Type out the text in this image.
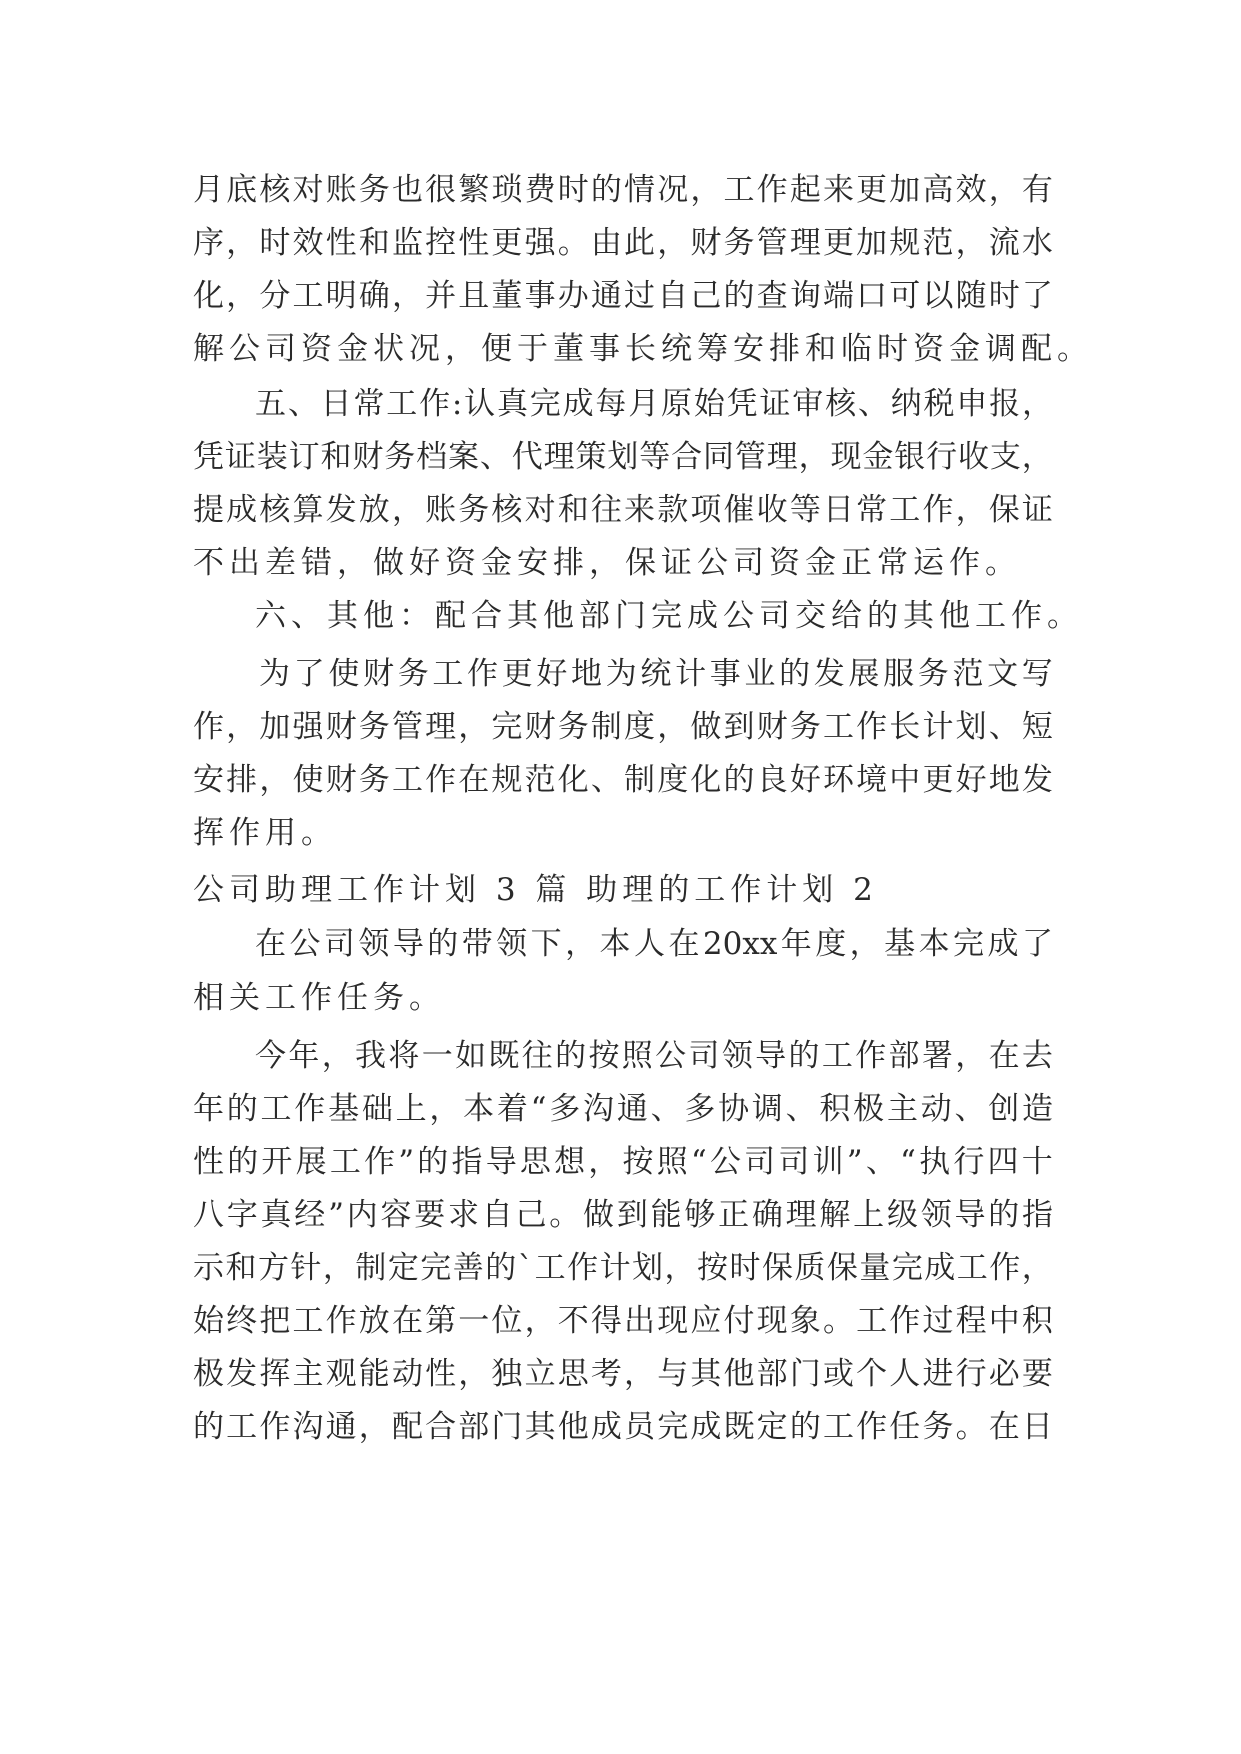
月 底 核 对 账 务 也 很 繁 琐 费 时 的 情 况 ， 工 作 起 来 更 加 高 效 ， 有
序 ， 时 效 性 和 监 控 性 更 强 。 由 此 ， 财 务 管 理 更 加 规 范 ， 流 水
化 ， 分 工 明 确 ， 并 且 董 事 办 通 过 自 己 的 查 询 端 口 可 以 随 时 了
解公司资金状况，便于董事长统筹安排和临时资金调配。
五 、 日 常 工 作 : 认 真 完 成 每 月 原 始 凭 证 审 核 、 纳 税 申 报 ，
凭 证 装 订 和 财 务 档 案 、 代 理 策 划 等 合 同 管 理 ， 现 金 银 行 收 支 ，
提 成 核 算 发 放 ， 账 务 核 对 和 往 来 款 项 催 收 等 日 常 工 作 ， 保 证
不出差错，做好资金安排，保证公司资金正常运作。
六、其他：配合其他部门完成公司交给的其他工作。
为 了 使 财 务 工 作 更 好 地 为 统 计 事 业 的 发 展 服 务 范 文 写
作 ， 加 强 财 务 管 理 ， 完 财 务 制 度 ， 做 到 财 务 工 作 长 计 划 、 短
安 排 ， 使 财 务 工 作 在 规 范 化 、 制 度 化 的 良 好 环 境 中 更 好 地 发
挥作用。
公司助理工作计划 3 篇 助理的工作计划 2
在 公 司 领 导 的 带 领 下 ， 本 人 在 20xx 年 度 ， 基 本 完 成 了
相关工作任务。
今 年 ， 我 将 一 如 既 往 的 按 照 公 司 领 导 的 工 作 部 署 ， 在 去
年 的 工 作 基 础 上 ， 本 着 “ 多 沟 通 、 多 协 调 、 积 极 主 动 、 创 造
性 的 开 展 工 作 ” 的 指 导 思 想 ， 按 照 “ 公 司 司 训 ” 、 “ 执 行 四 十
八 字 真 经 ” 内 容 要 求 自 己 。 做 到 能 够 正 确 理 解 上 级 领 导 的 指
示 和 方 针 ， 制 定 完 善 的 ` 工 作 计 划 ， 按 时 保 质 保 量 完 成 工 作 ，
始 终 把 工 作 放 在 第 一 位 ， 不 得 出 现 应 付 现 象 。 工 作 过 程 中 积
极 发 挥 主 观 能 动 性 ， 独 立 思 考 ， 与 其 他 部 门 或 个 人 进 行 必 要
的 工 作 沟 通 ， 配 合 部 门 其 他 成 员 完 成 既 定 的 工 作 任 务 。 在 日
